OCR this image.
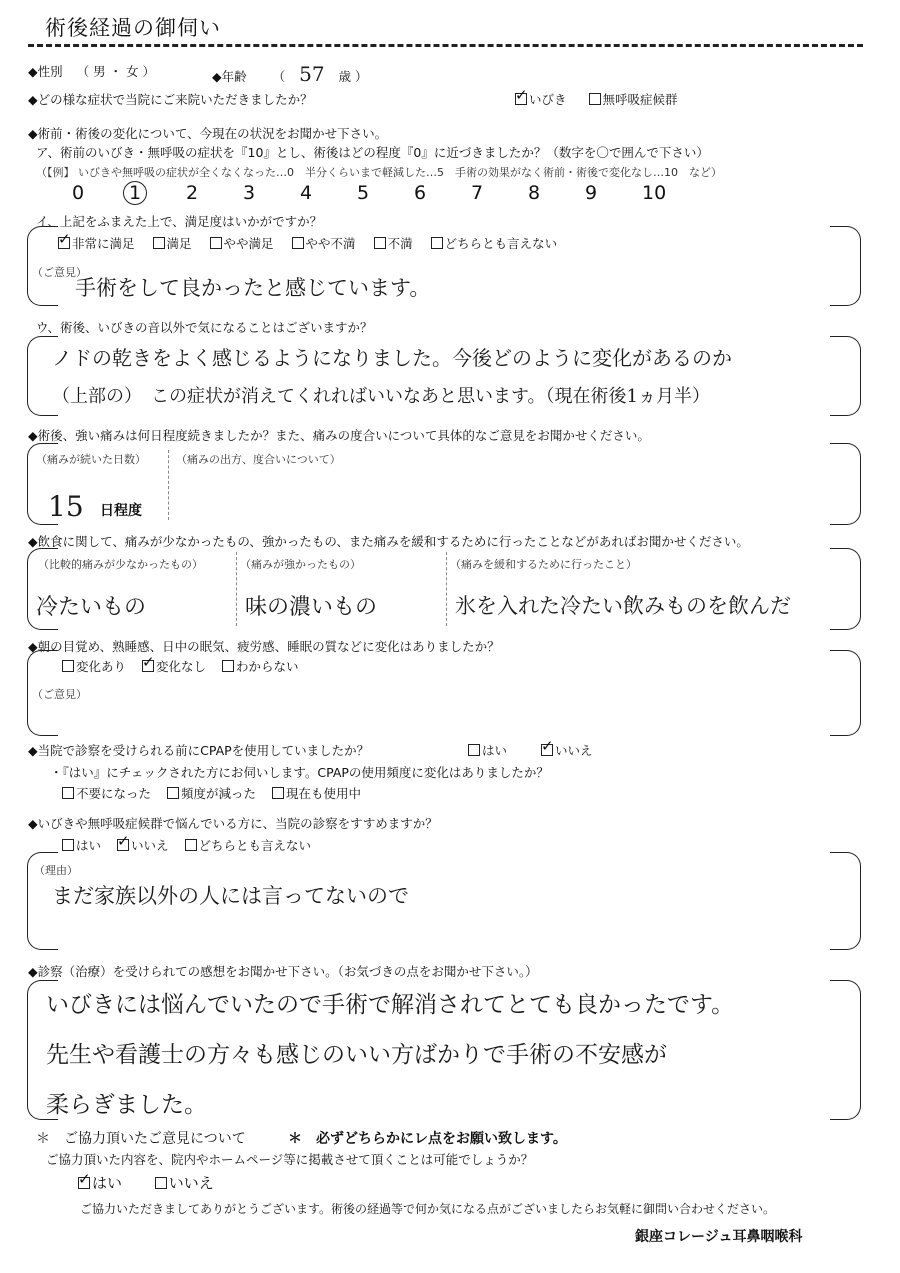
術後経過の御伺い
◆性別 （ 男 ・ 女 ）	◆年齢 （ 57 歳 ）
◆どの様な症状で当院にご来院いただきましたか？ ✓	いびき	無呼吸症候群
◆術前・術後の変化について、今現在の状況をお聞かせ下さい。
ア、術前のいびき・無呼吸の症状を『10』とし、術後はどの程度『0』に近づきましたか？（数字を〇で囲んで下さい）
（【例】 いびきや無呼吸の症状が全くなくなった…0　半分くらいまで軽減した…5　手術の効果がなく術前・術後で変化なし…10　など）
0 1 2 3 4 5 6 7 8 9 10
イ、上記をふまえた上で、満足度はいかがですか？
✓非常に満足	満足	やや満足	やや不満	不満	どちらとも言えない
（ご意見）
手術をして良かったと感じています。
ウ、術後、いびきの音以外で気になることはございますか？
ノドの乾きをよく感じるようになりました。今後どのように変化があるのか
（上部の）　この症状が消えてくれればいいなあと思います。（現在術後1ヵ月半）
◆術後、強い痛みは何日程度続きましたか？また、痛みの度合いについて具体的なご意見をお聞かせください。
（痛みが続いた日数）	（痛みの出方、度合いについて）
15 日程度
◆飲食に関して、痛みが少なかったもの、強かったもの、また痛みを緩和するために行ったことなどがあればお聞かせください。
（比較的痛みが少なかったもの）	（痛みが強かったもの）	（痛みを緩和するために行ったこと）
冷たいもの	味の濃いもの	氷を入れた冷たい飲みものを飲んだ
◆朝の目覚め、熟睡感、日中の眠気、疲労感、睡眠の質などに変化はありましたか？
変化あり ✓ 変化なし わからない
（ご意見）
◆当院で診察を受けられる前にCPAPを使用していましたか？	はい ✓	いいえ
・『はい』にチェックされた方にお伺いします。CPAPの使用頻度に変化はありましたか？
不要になった 頻度が減った 現在も使用中
◆いびきや無呼吸症候群で悩んでいる方に、当院の診察をすすめますか？
はい ✓ いいえ どちらとも言えない
（理由）
まだ家族以外の人には言ってないので
◆診察（治療）を受けられての感想をお聞かせ下さい。（お気づきの点をお聞かせ下さい。）
いびきには悩んでいたので手術で解消されてとても良かったです。
先生や看護士の方々も感じのいい方ばかりで手術の不安感が
柔らぎました。
＊　ご協力頂いたご意見について	＊　必ずどちらかにレ点をお願い致します。
ご協力頂いた内容を、院内やホームページ等に掲載させて頂くことは可能でしょうか？
✓はい	いいえ
ご協力いただきましてありがとうございます。術後の経過等で何か気になる点がございましたらお気軽に御問い合わせください。
銀座コレージュ耳鼻咽喉科
